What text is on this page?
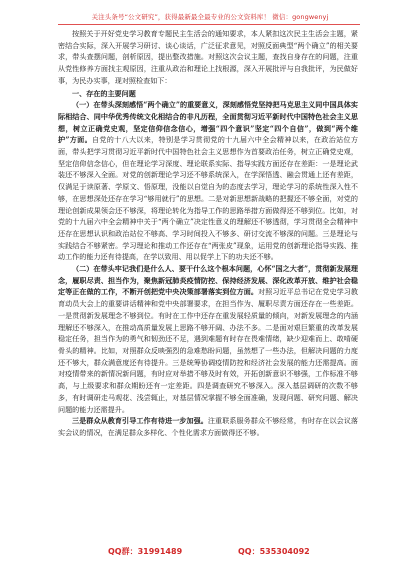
关注头条号“公文研究”，获得最新最全最专业的公文资料库！ 微信：gongwenyj

按照关于开好党史学习教育专题民主生活会的通知要求，本人紧扣这次民主生活会主题，紧密结合实际，深入开展学习研讨、谈心谈话，广泛征求意见，对照反面典型“两个确立”的相关要求，带头查摆问题，剖析原因，提出整改措施。对照这次会议主题，查找自身存在的问题，注重从党性修养方面找主观原因，注重从政治和理论上找根源，深入开展批评与自我批评，为民做好事，为民办实事，现对照检查如下：

一、存在的主要问题

（一）在带头深刻感悟“两个确立”的重要意义，深刻感悟党坚持把马克思主义同中国具体实际相结合、同中华优秀传统文化相结合的非凡历程，全面贯彻习近平新时代中国特色社会主义思想，树立正确党史观，坚定信仰信念信心，增强“四个意识”坚定“四个自信”，做到“两个维护”方面。自党的十八大以来，特别是学习贯彻党的十九届六中全会精神以来，在政治站位方面，带头把学习贯彻习近平新时代中国特色社会主义思想作为首要政治任务，树立正确党史观，坚定信仰信念信心，但在理论学习深度、理论联系实际、指导实践方面还存在差距：一是理论武装还不够深入全面。对党的创新理论学习还不够系统深入，在学深悟透、融会贯通上还有差距，仅满足于读原著、学原文、悟原理，没能以自觉自为的态度去学习，理论学习的系统性深入性不够，在思想深处还存在学习“够用就行”的思想。二是对新思想新战略的把握还不够全面，对党的理论创新成果领会还不够深，将理论转化为指导工作的思路举措方面做得还不够到位。比如，对党的十九届六中全会精神中关于“两个确立”决定性意义的理解还不够透彻，学习贯彻全会精神中还存在思想认识和政治站位不够高、学习时间投入不够多、研讨交流不够深的问题。三是理论与实践结合不够紧密。学习理论和推动工作还存在“两张皮”现象，运用党的创新理论指导实践、推动工作的能力还有待提高，在学以致用、用以促学上下的功夫还不够。

（二）在带头牢记我们是什么人、要干什么这个根本问题，心怀“国之大者”，贯彻新发展理念，履职尽责、担当作为，聚焦新冠肺炎疫情防控、保持经济发展、深化改革开放、维护社会稳定等正在做的工作，不断开创把党中央决策部署落实到位方面。对照习近平总书记在党史学习教育动员大会上的重要讲话精神和党中央部署要求，在担当作为、履职尽责方面还存在一些差距。一是贯彻新发展理念不够到位。有时在工作中还存在重发展轻质量的倾向，对新发展理念的内涵理解还不够深入，在推动高质量发展上思路不够开阔、办法不多。二是面对艰巨繁重的改革发展稳定任务，担当作为的勇气和韧劲还不足，遇到难题有时存在畏难情绪，缺少迎难而上、敢啃硬骨头的精神。比如，对照群众反映强烈的急难愁盼问题，虽然想了一些办法，但解决问题的力度还不够大，群众满意度还有待提升。三是统筹协调疫情防控和经济社会发展的能力还需提高。面对疫情带来的新情况新问题，有时应对举措不够及时有效，开拓创新意识不够强，工作标准不够高，与上级要求和群众期盼还有一定差距。四是调查研究不够深入。深入基层调研的次数不够多，有时调研走马观花、浅尝辄止，对基层情况掌握不够全面准确，发现问题、研究问题、解决问题的能力还需提升。

三是群众从教育引导工作有待进一步加强。注重联系服务群众不够经常，有时存在以会议落实会议的情况，在满足群众多样化、个性化需求方面做得还不够。

QQ群：31991489	QQ：535304092
